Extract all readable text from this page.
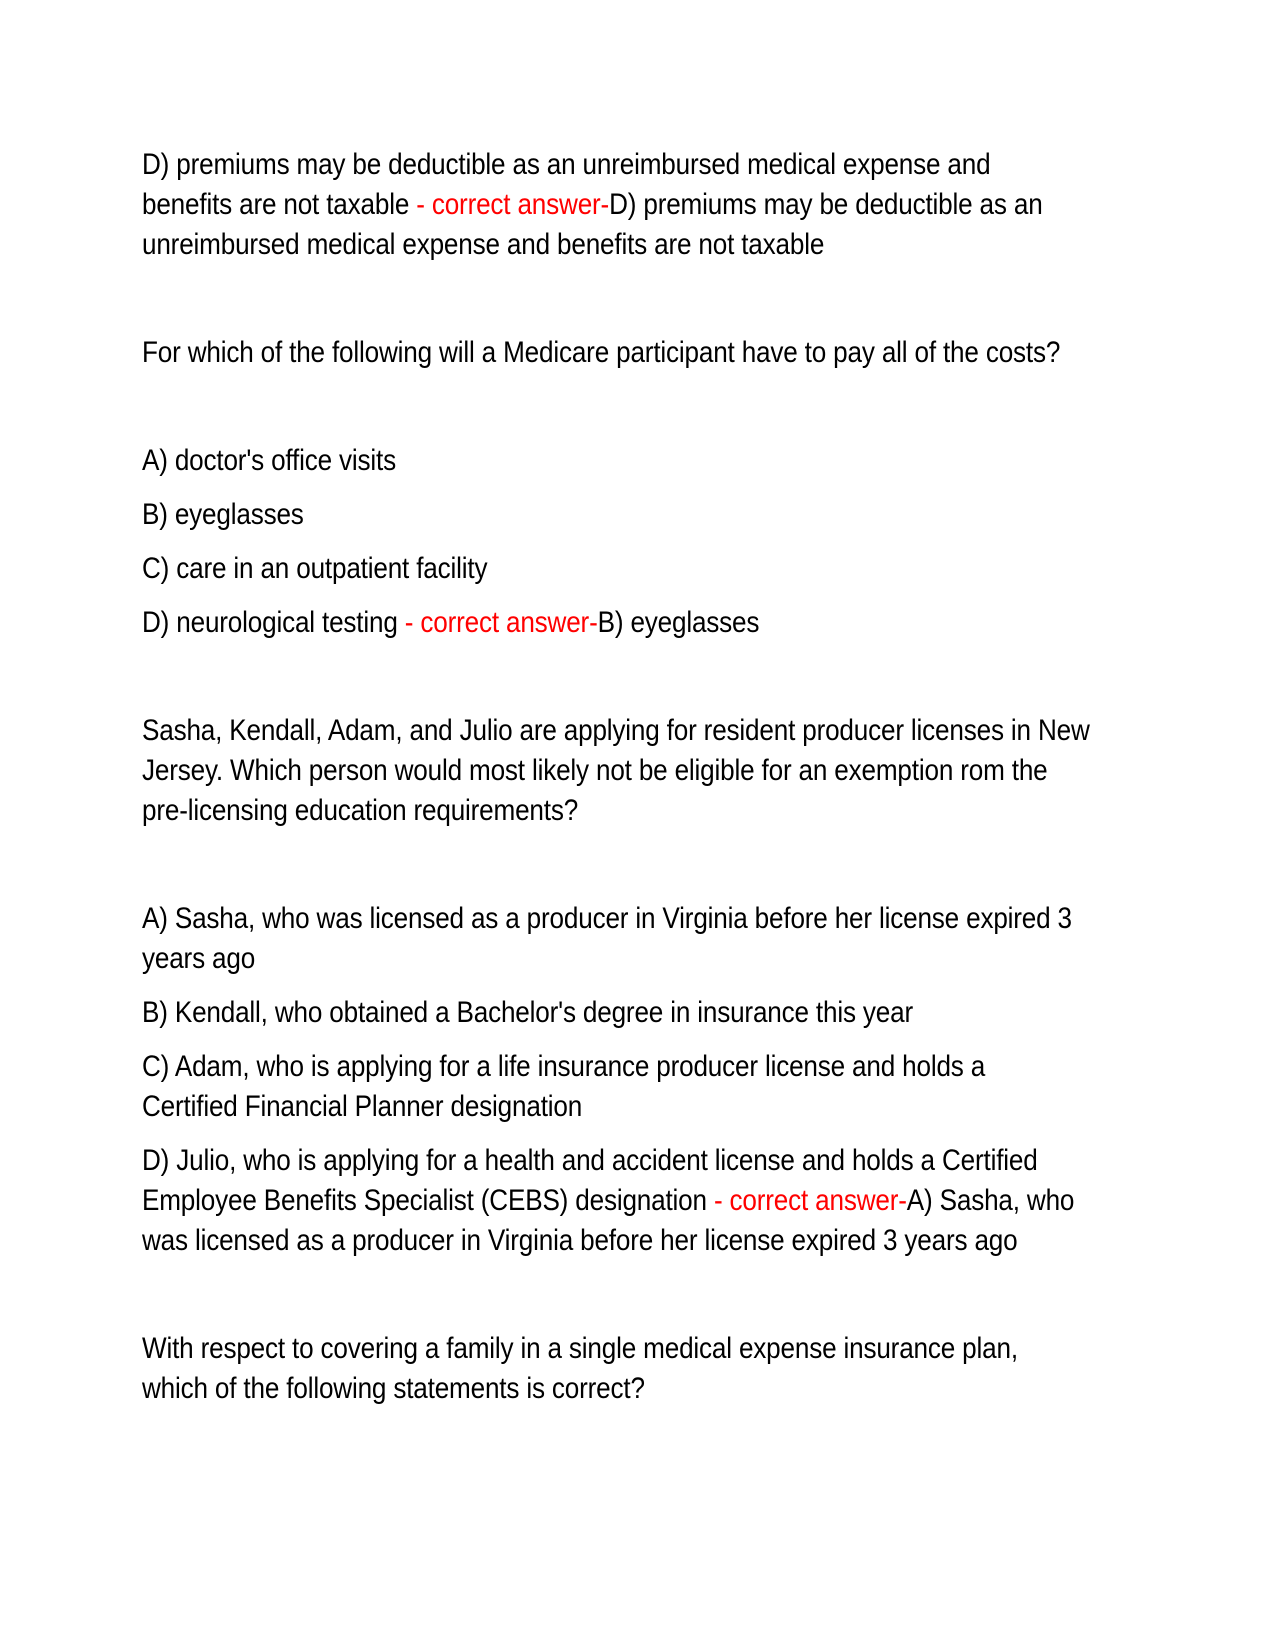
D) premiums may be deductible as an unreimbursed medical expense and
benefits are not taxable - correct answer-D) premiums may be deductible as an
unreimbursed medical expense and benefits are not taxable

For which of the following will a Medicare participant have to pay all of the costs?

A) doctor's office visits

B) eyeglasses

C) care in an outpatient facility

D) neurological testing - correct answer-B) eyeglasses

Sasha, Kendall, Adam, and Julio are applying for resident producer licenses in New
Jersey. Which person would most likely not be eligible for an exemption rom the
pre-licensing education requirements?

A) Sasha, who was licensed as a producer in Virginia before her license expired 3
years ago

B) Kendall, who obtained a Bachelor's degree in insurance this year

C) Adam, who is applying for a life insurance producer license and holds a
Certified Financial Planner designation

D) Julio, who is applying for a health and accident license and holds a Certified
Employee Benefits Specialist (CEBS) designation - correct answer-A) Sasha, who
was licensed as a producer in Virginia before her license expired 3 years ago

With respect to covering a family in a single medical expense insurance plan,
which of the following statements is correct?
